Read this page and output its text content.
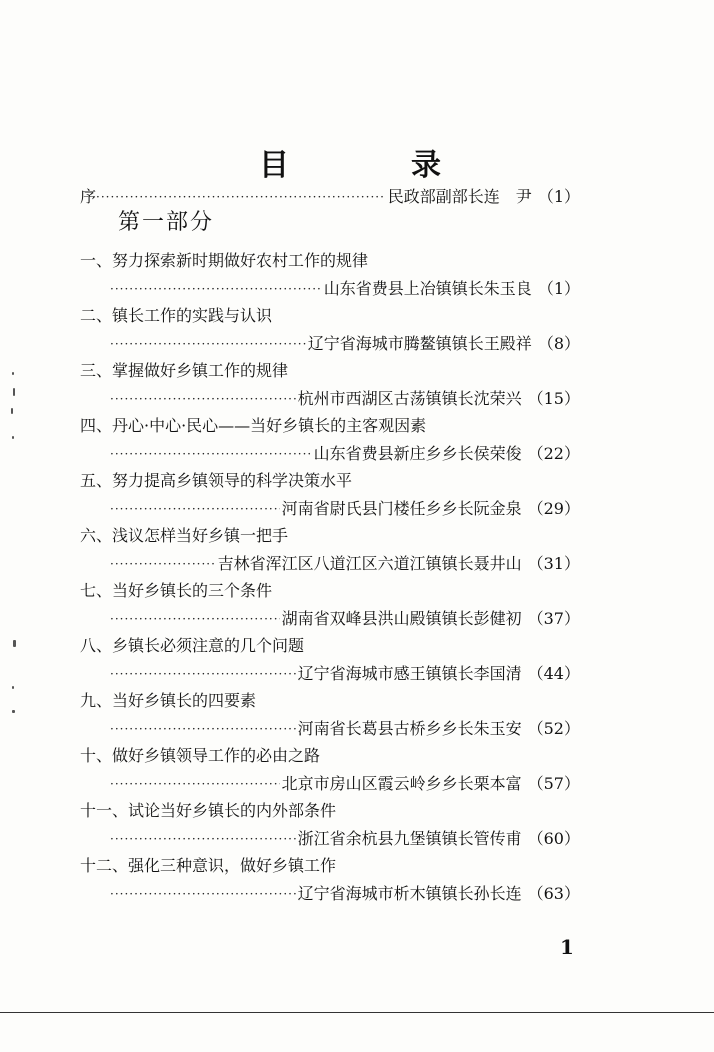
目　录
序
·····	民政部副部长连　尹 （1）
第一部分
一、努力探索新时期做好农村工作的规律
·····
山东省费县上冶镇镇长朱玉良 （1）
二、镇长工作的实践与认识
·····
辽宁省海城市腾鳌镇镇长王殿祥 （8）
三、掌握做好乡镇工作的规律
·····
杭州市西湖区古荡镇镇长沈荣兴 （15）
四、丹心·中心·民心——当好乡镇长的主客观因素
·····
山东省费县新庄乡乡长侯荣俊 （22）
五、努力提高乡镇领导的科学决策水平
·····
河南省尉氏县门楼任乡乡长阮金泉 （29）
六、浅议怎样当好乡镇一把手
·····
吉林省浑江区八道江区六道江镇镇长聂井山 （31）
七、当好乡镇长的三个条件
·····
湖南省双峰县洪山殿镇镇长彭健初 （37）
八、乡镇长必须注意的几个问题
·····
辽宁省海城市感王镇镇长李国清 （44）
九、当好乡镇长的四要素
·····
河南省长葛县古桥乡乡长朱玉安 （52）
十、做好乡镇领导工作的必由之路
·····
北京市房山区霞云岭乡乡长栗本富 （57）
十一、试论当好乡镇长的内外部条件
·····
浙江省余杭县九堡镇镇长管传甫 （60）
十二、强化三种意识，做好乡镇工作
·····
辽宁省海城市析木镇镇长孙长连 （63）
1
